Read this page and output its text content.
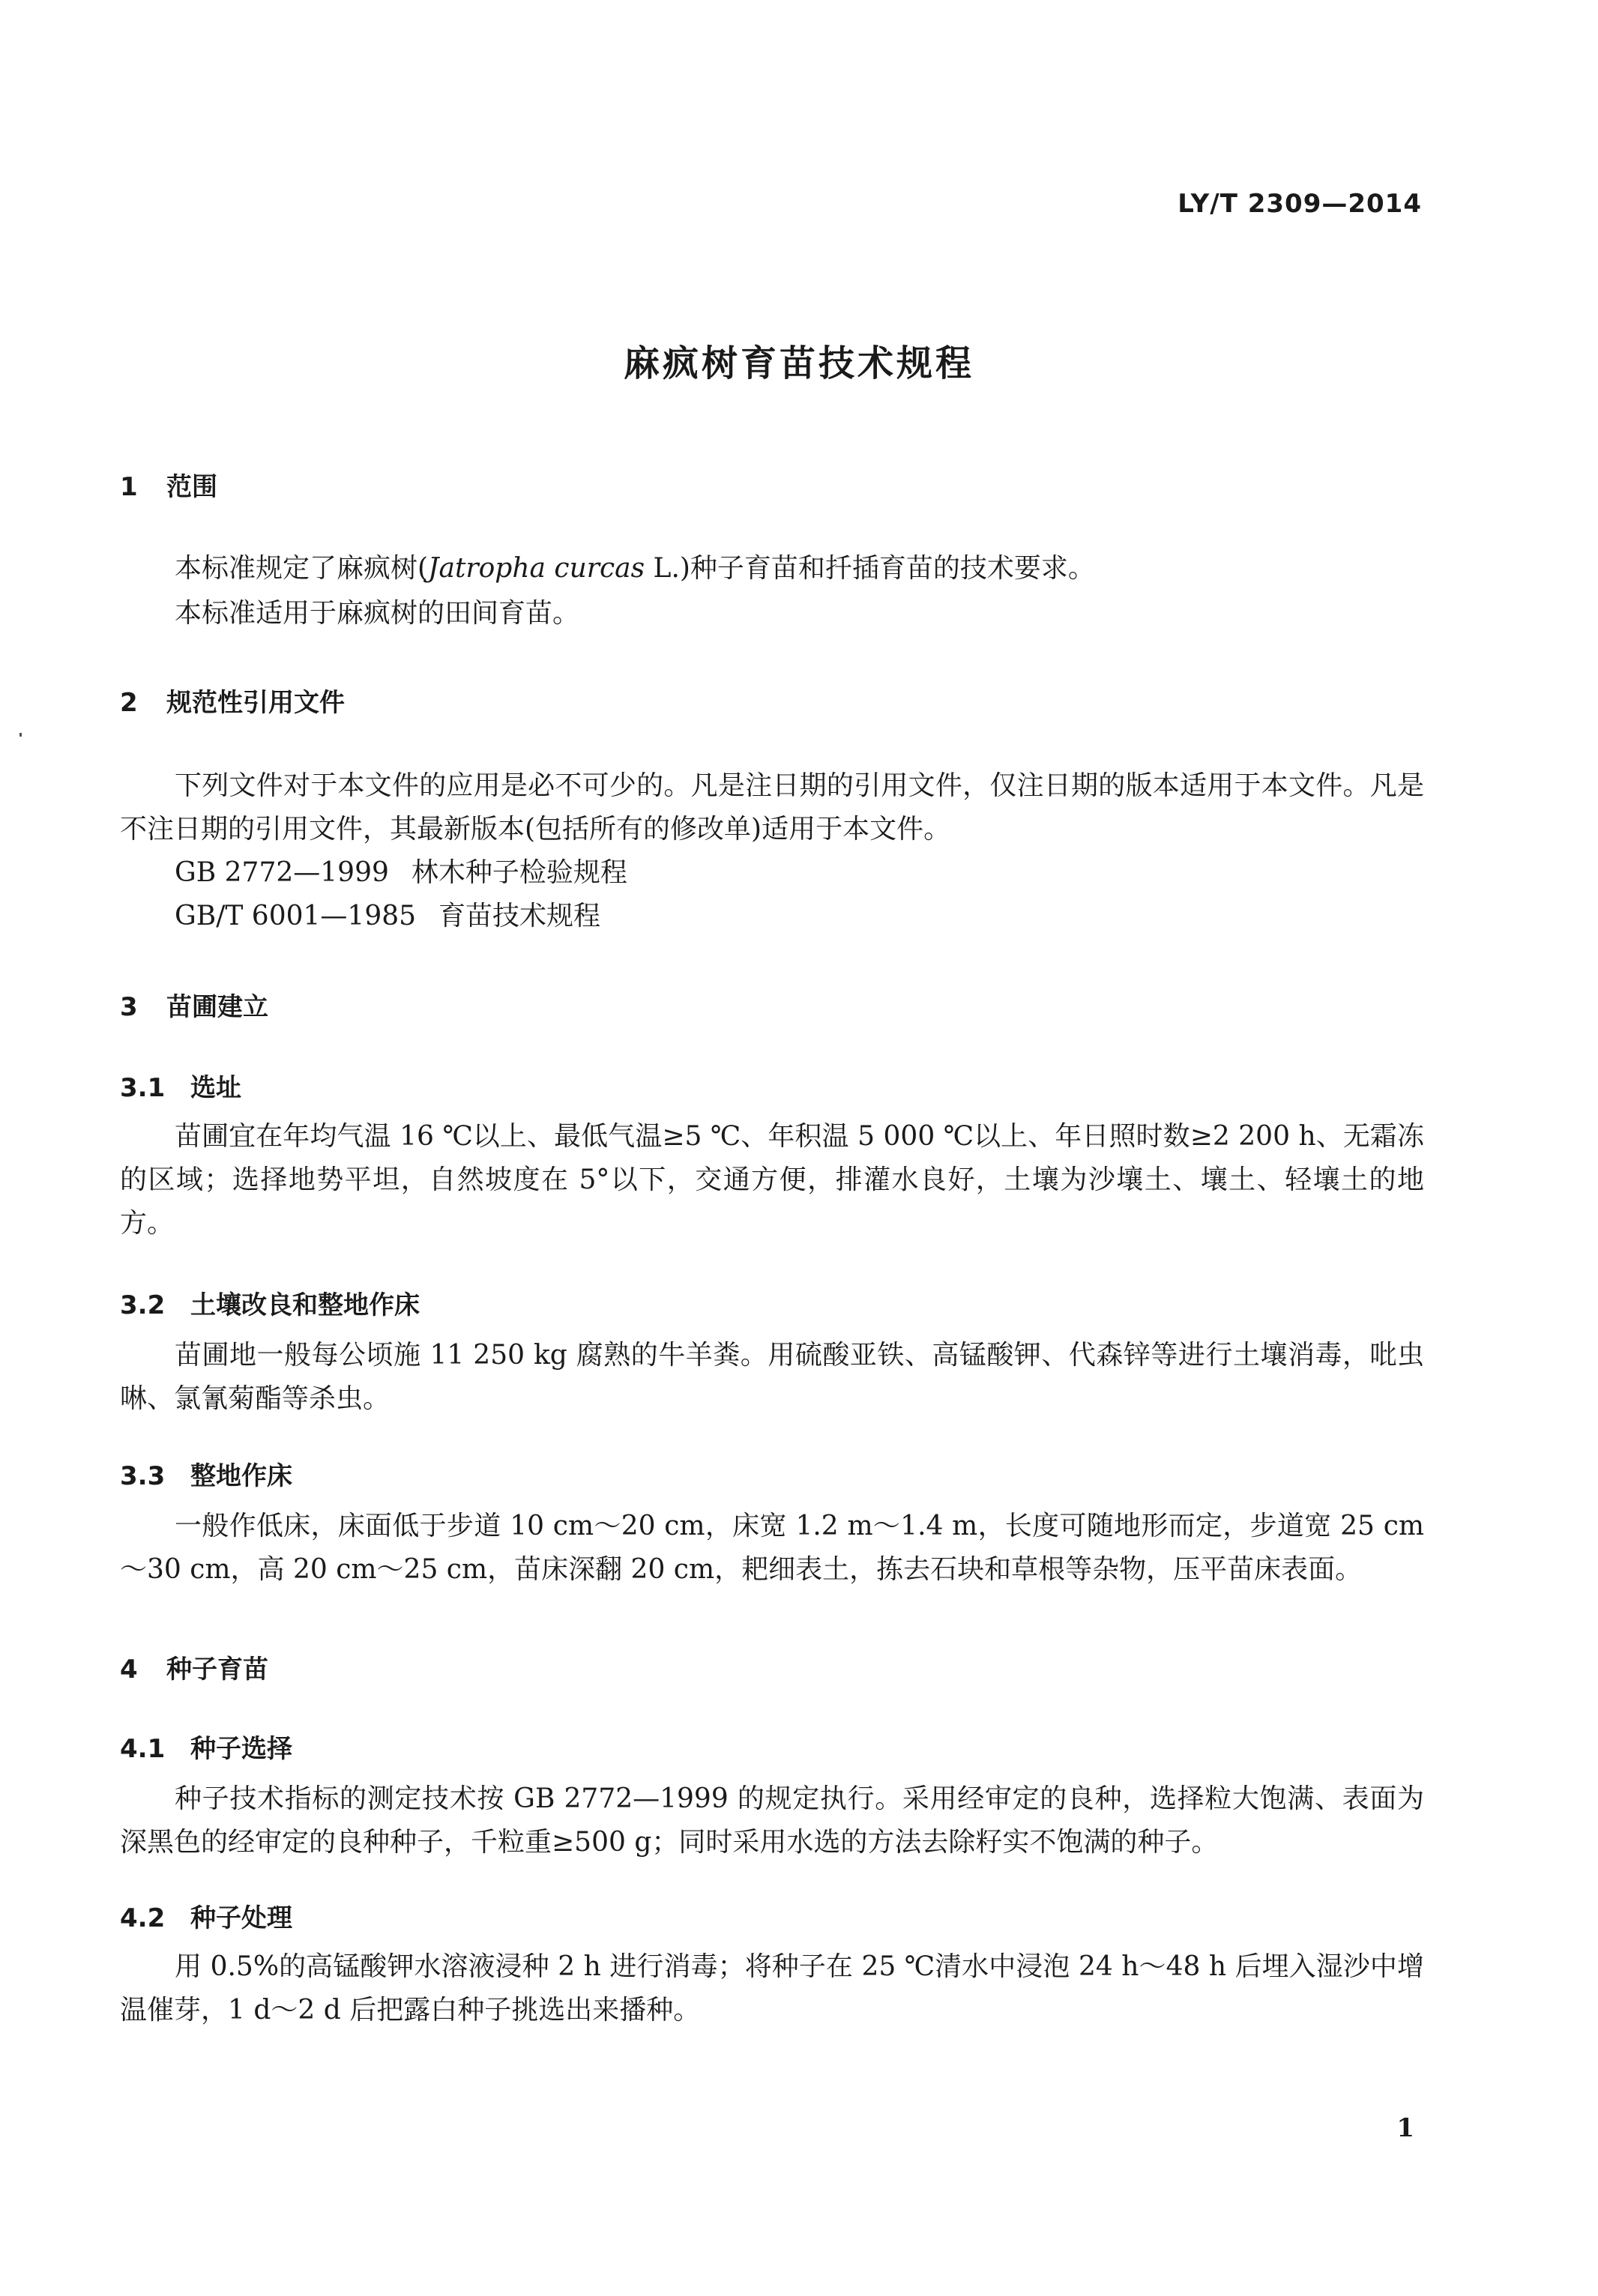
LY/T 2309—2014
麻疯树育苗技术规程
1 范围
本标准规定了麻疯树(Jatropha curcas L.)种子育苗和扦插育苗的技术要求。
本标准适用于麻疯树的田间育苗。
2 规范性引用文件
下列文件对于本文件的应用是必不可少的。凡是注日期的引用文件，仅注日期的版本适用于本文件。凡是不注日期的引用文件，其最新版本(包括所有的修改单)适用于本文件。
GB 2772—1999 林木种子检验规程
GB/T 6001—1985 育苗技术规程
3 苗圃建立
3.1 选址
苗圃宜在年均气温 16 ℃以上、最低气温≥5 ℃、年积温 5 000 ℃以上、年日照时数≥2 200 h、无霜冻的区域；选择地势平坦，自然坡度在 5°以下，交通方便，排灌水良好，土壤为沙壤土、壤土、轻壤土的地方。
3.2 土壤改良和整地作床
苗圃地一般每公顷施 11 250 kg 腐熟的牛羊粪。用硫酸亚铁、高锰酸钾、代森锌等进行土壤消毒，吡虫啉、氯氰菊酯等杀虫。
3.3 整地作床
一般作低床，床面低于步道 10 cm～20 cm，床宽 1.2 m～1.4 m，长度可随地形而定，步道宽 25 cm～30 cm，高 20 cm～25 cm，苗床深翻 20 cm，耙细表土，拣去石块和草根等杂物，压平苗床表面。
4 种子育苗
4.1 种子选择
种子技术指标的测定技术按 GB 2772—1999 的规定执行。采用经审定的良种，选择粒大饱满、表面为深黑色的经审定的良种种子，千粒重≥500 g；同时采用水选的方法去除籽实不饱满的种子。
4.2 种子处理
用 0.5%的高锰酸钾水溶液浸种 2 h 进行消毒；将种子在 25 ℃清水中浸泡 24 h～48 h 后埋入湿沙中增温催芽，1 d～2 d 后把露白种子挑选出来播种。
1
